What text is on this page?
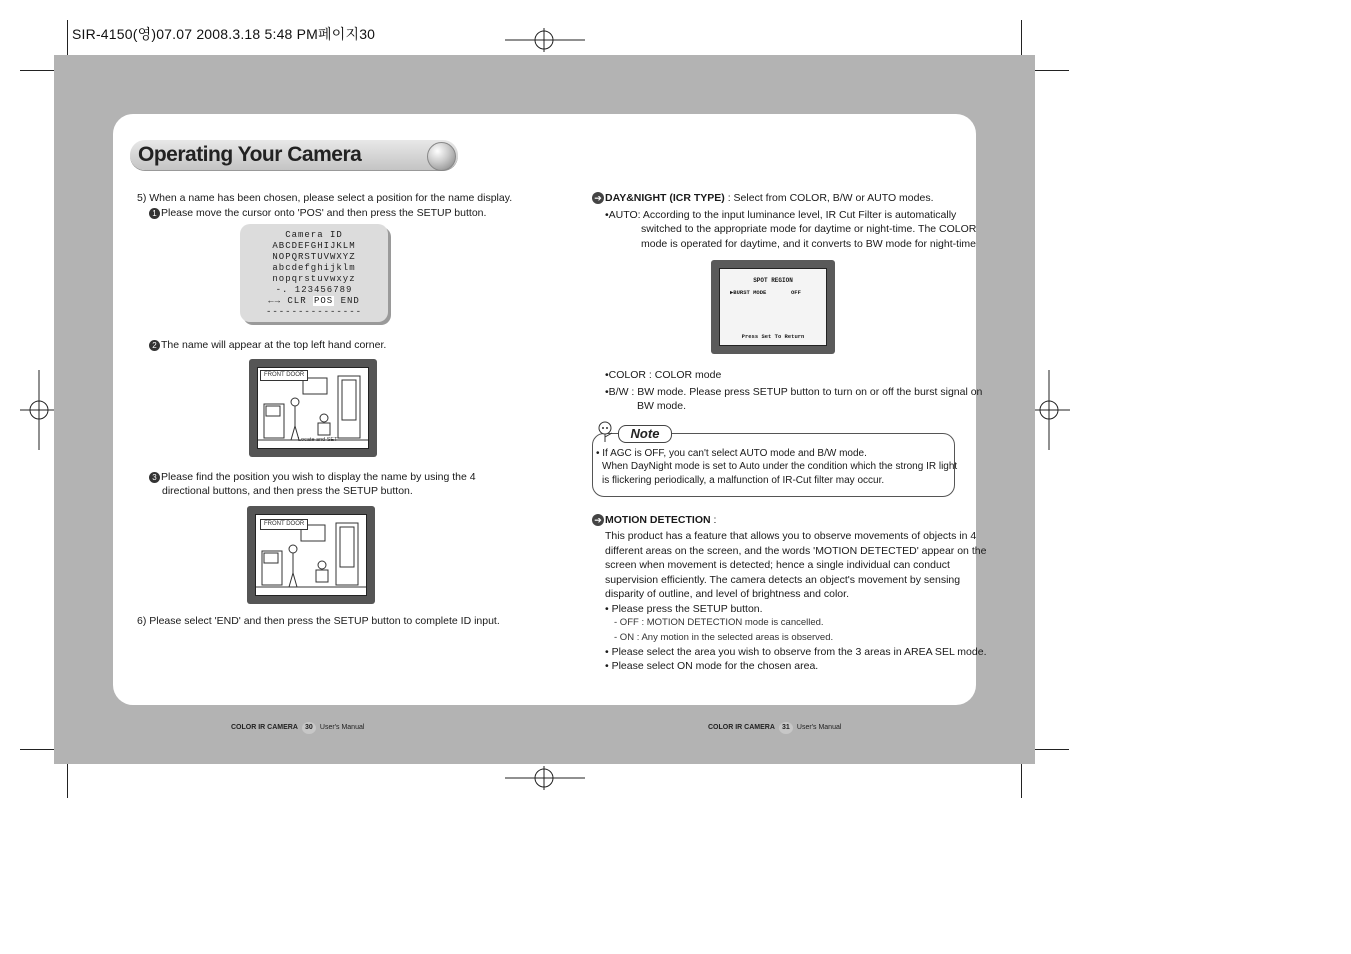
SIR-4150(영)07.07 2008.3.18 5:48 PM페이지30
Operating Your Camera
5) When a name has been chosen, please select a position for the name display.
1 Please move the cursor onto 'POS' and then press the SETUP button.
Camera ID
ABCDEFGHIJKLM
NOPQRSTUVWXYZ
abcdefghijklm
nopqrstuvwxyz
-. 123456789
←→ CLR POS END
---------------
2 The name will appear at the top left hand corner.
FRONT DOOR
Locate and SET
3 Please find the position you wish to display the name by using the 4
directional buttons, and then press the SETUP button.
FRONT DOOR
6) Please select 'END' and then press the SETUP button to complete ID input.
➔ DAY&NIGHT (ICR TYPE) : Select from COLOR, B/W or AUTO modes.
•AUTO: According to the input luminance level, IR Cut Filter is automatically
switched to the appropriate mode for daytime or night-time. The COLOR
mode is operated for daytime, and it converts to BW mode for night-time
SPOT REGION
▶BURST MODE	OFF
Press Set To Return
•COLOR : COLOR mode
•B/W : BW mode. Please press SETUP button to turn on or off the burst signal on
BW mode.
Note
• If AGC is OFF, you can't select AUTO mode and B/W mode.
When DayNight mode is set to Auto under the condition which the strong IR light
is flickering periodically, a malfunction of IR-Cut filter may occur.
➔ MOTION DETECTION :
This product has a feature that allows you to observe movements of objects in 4
different areas on the screen, and the words 'MOTION DETECTED' appear on the
screen when movement is detected; hence a single individual can conduct
supervision efficiently. The camera detects an object's movement by sensing
disparity of outline, and level of brightness and color.
• Please press the SETUP button.
- OFF : MOTION DETECTION mode is cancelled.
- ON : Any motion in the selected areas is observed.
• Please select the area you wish to observe from the 3 areas in AREA SEL mode.
• Please select ON mode for the chosen area.
COLOR IR CAMERA 30 User's Manual	COLOR IR CAMERA 31 User's Manual
